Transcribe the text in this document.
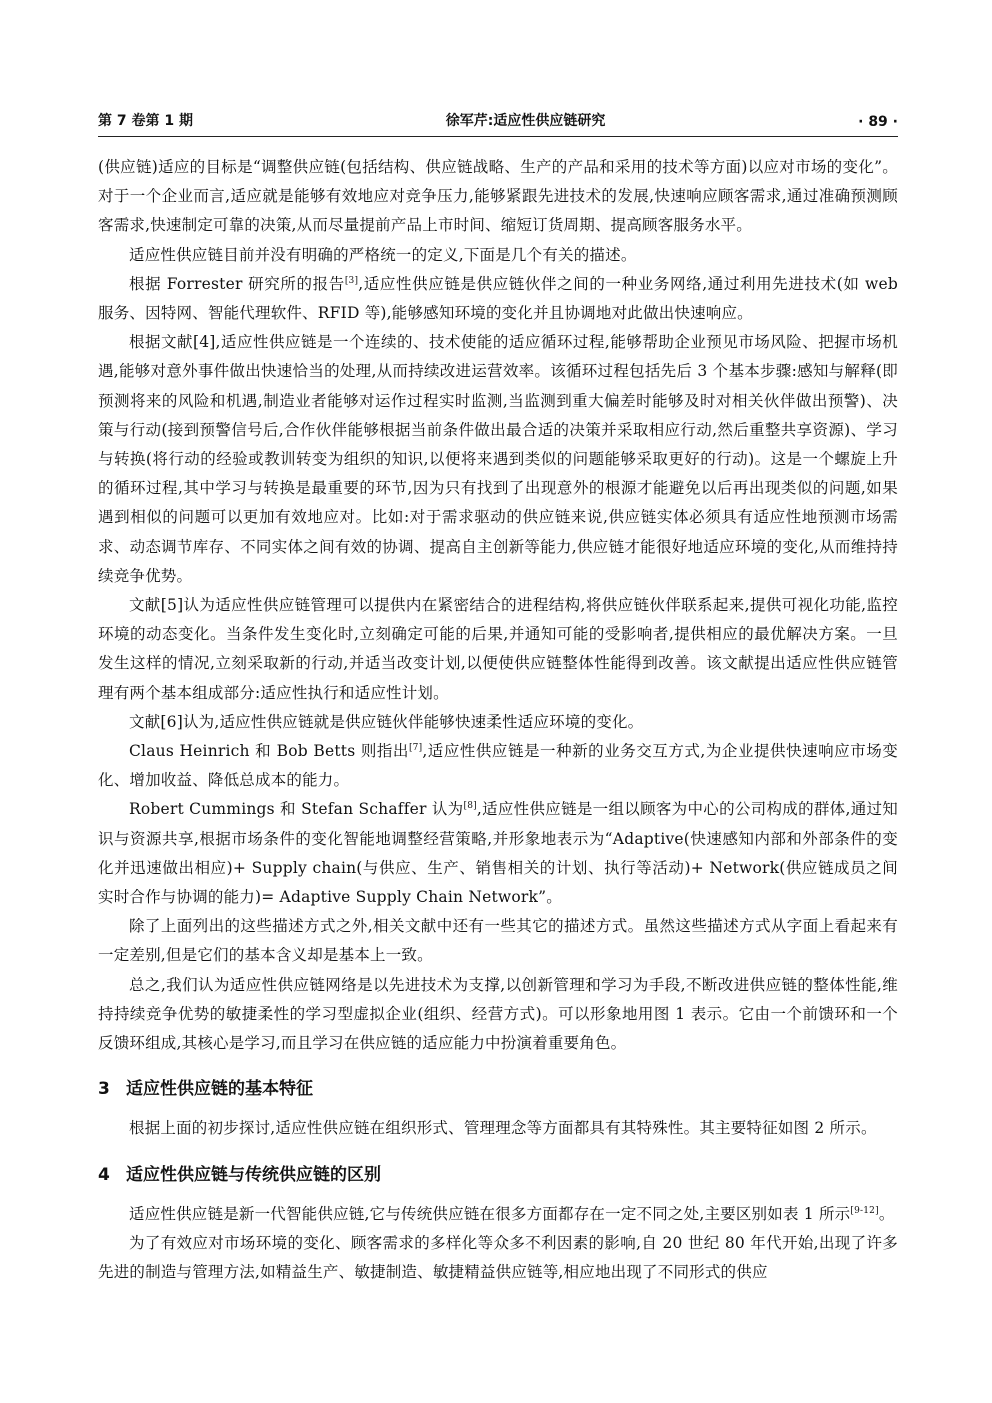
第 7 卷第 1 期	徐军芹:适应性供应链研究	· 89 ·

(供应链)适应的目标是“调整供应链(包括结构、供应链战略、生产的产品和采用的技术等方面)以应对市场的变化”。对于一个企业而言,适应就是能够有效地应对竞争压力,能够紧跟先进技术的发展,快速响应顾客需求,通过准确预测顾客需求,快速制定可靠的决策,从而尽量提前产品上市时间、缩短订货周期、提高顾客服务水平。

适应性供应链目前并没有明确的严格统一的定义,下面是几个有关的描述。

根据 Forrester 研究所的报告[3],适应性供应链是供应链伙伴之间的一种业务网络,通过利用先进技术(如 web 服务、因特网、智能代理软件、RFID 等),能够感知环境的变化并且协调地对此做出快速响应。

根据文献[4],适应性供应链是一个连续的、技术使能的适应循环过程,能够帮助企业预见市场风险、把握市场机遇,能够对意外事件做出快速恰当的处理,从而持续改进运营效率。该循环过程包括先后 3 个基本步骤:感知与解释(即预测将来的风险和机遇,制造业者能够对运作过程实时监测,当监测到重大偏差时能够及时对相关伙伴做出预警)、决策与行动(接到预警信号后,合作伙伴能够根据当前条件做出最合适的决策并采取相应行动,然后重整共享资源)、学习与转换(将行动的经验或教训转变为组织的知识,以便将来遇到类似的问题能够采取更好的行动)。这是一个螺旋上升的循环过程,其中学习与转换是最重要的环节,因为只有找到了出现意外的根源才能避免以后再出现类似的问题,如果遇到相似的问题可以更加有效地应对。比如:对于需求驱动的供应链来说,供应链实体必须具有适应性地预测市场需求、动态调节库存、不同实体之间有效的协调、提高自主创新等能力,供应链才能很好地适应环境的变化,从而维持持续竞争优势。

文献[5]认为适应性供应链管理可以提供内在紧密结合的进程结构,将供应链伙伴联系起来,提供可视化功能,监控环境的动态变化。当条件发生变化时,立刻确定可能的后果,并通知可能的受影响者,提供相应的最优解决方案。一旦发生这样的情况,立刻采取新的行动,并适当改变计划,以便使供应链整体性能得到改善。该文献提出适应性供应链管理有两个基本组成部分:适应性执行和适应性计划。

文献[6]认为,适应性供应链就是供应链伙伴能够快速柔性适应环境的变化。

Claus Heinrich 和 Bob Betts 则指出[7],适应性供应链是一种新的业务交互方式,为企业提供快速响应市场变化、增加收益、降低总成本的能力。

Robert Cummings 和 Stefan Schaffer 认为[8],适应性供应链是一组以顾客为中心的公司构成的群体,通过知识与资源共享,根据市场条件的变化智能地调整经营策略,并形象地表示为“Adaptive(快速感知内部和外部条件的变化并迅速做出相应)+ Supply chain(与供应、生产、销售相关的计划、执行等活动)+ Network(供应链成员之间实时合作与协调的能力)= Adaptive Supply Chain Network”。

除了上面列出的这些描述方式之外,相关文献中还有一些其它的描述方式。虽然这些描述方式从字面上看起来有一定差别,但是它们的基本含义却是基本上一致。

总之,我们认为适应性供应链网络是以先进技术为支撑,以创新管理和学习为手段,不断改进供应链的整体性能,维持持续竞争优势的敏捷柔性的学习型虚拟企业(组织、经营方式)。可以形象地用图 1 表示。它由一个前馈环和一个反馈环组成,其核心是学习,而且学习在供应链的适应能力中扮演着重要角色。

3 适应性供应链的基本特征

根据上面的初步探讨,适应性供应链在组织形式、管理理念等方面都具有其特殊性。其主要特征如图 2 所示。

4 适应性供应链与传统供应链的区别

适应性供应链是新一代智能供应链,它与传统供应链在很多方面都存在一定不同之处,主要区别如表 1 所示[9-12]。

为了有效应对市场环境的变化、顾客需求的多样化等众多不利因素的影响,自 20 世纪 80 年代开始,出现了许多先进的制造与管理方法,如精益生产、敏捷制造、敏捷精益供应链等,相应地出现了不同形式的供应
